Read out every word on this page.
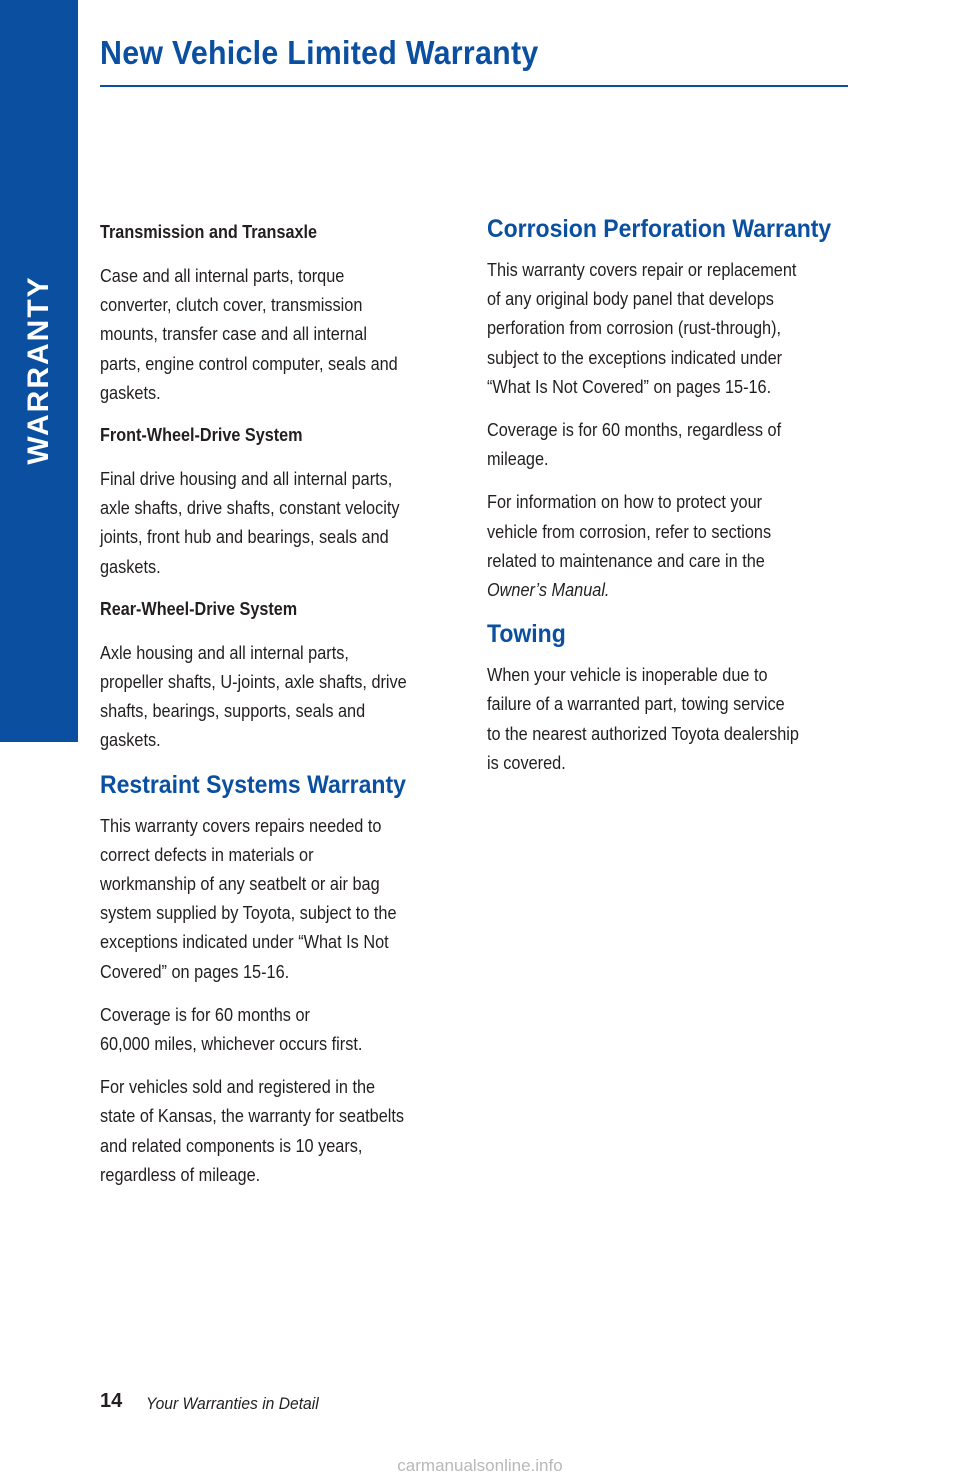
WARRANTY
New Vehicle Limited Warranty
Transmission and Transaxle
Case and all internal parts, torque
converter, clutch cover, transmission
mounts, transfer case and all internal
parts, engine control computer, seals and
gaskets.
Front-Wheel-Drive System
Final drive housing and all internal parts,
axle shafts, drive shafts, constant velocity
joints, front hub and bearings, seals and
gaskets.
Rear-Wheel-Drive System
Axle housing and all internal parts,
propeller shafts, U-joints, axle shafts, drive
shafts, bearings, supports, seals and
gaskets.
Restraint Systems Warranty
This warranty covers repairs needed to
correct defects in materials or
workmanship of any seatbelt or air bag
system supplied by Toyota, subject to the
exceptions indicated under “What Is Not
Covered” on pages 15-16.
Coverage is for 60 months or
60,000 miles, whichever occurs first.
For vehicles sold and registered in the
state of Kansas, the warranty for seatbelts
and related components is 10 years,
regardless of mileage.
Corrosion Perforation Warranty
This warranty covers repair or replacement
of any original body panel that develops
perforation from corrosion (rust-through),
subject to the exceptions indicated under
“What Is Not Covered” on pages 15-16.
Coverage is for 60 months, regardless of
mileage.
For information on how to protect your
vehicle from corrosion, refer to sections
related to maintenance and care in the
Owner’s Manual.
Towing
When your vehicle is inoperable due to
failure of a warranted part, towing service
to the nearest authorized Toyota dealership
is covered.
14 Your Warranties in Detail
carmanualsonline.info
